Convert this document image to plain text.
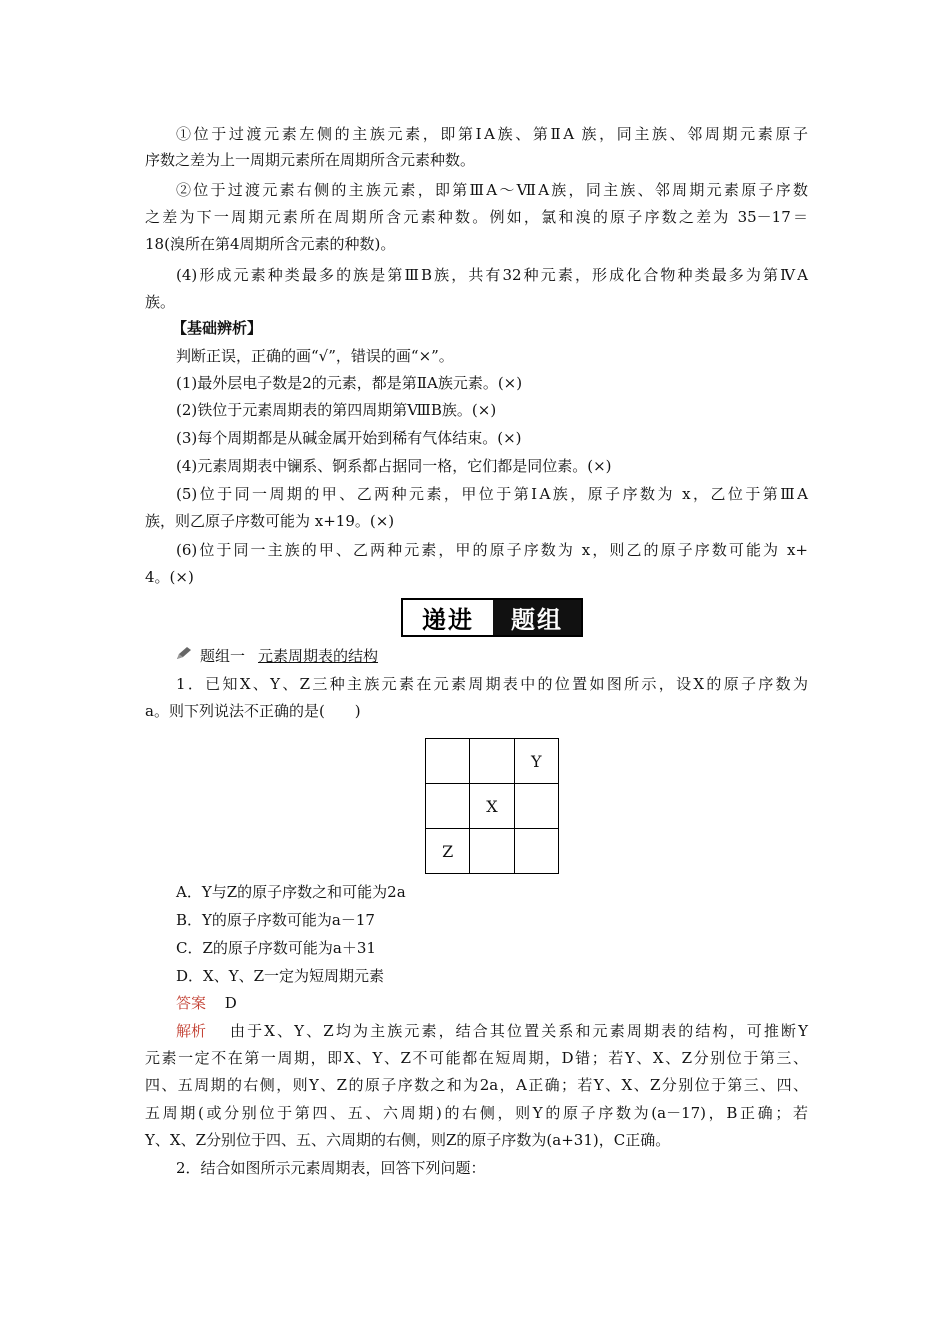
①位于过渡元素左侧的主族元素，即第ⅠA族、第ⅡA 族，同主族、邻周期元素原子
序数之差为上一周期元素所在周期所含元素种数。
②位于过渡元素右侧的主族元素，即第ⅢA～ⅦA族，同主族、邻周期元素原子序数
之差为下一周期元素所在周期所含元素种数。例如，氯和溴的原子序数之差为 35－17＝
18(溴所在第4周期所含元素的种数)。
(4)形成元素种类最多的族是第ⅢB族，共有32种元素，形成化合物种类最多为第ⅣA
族。
【基础辨析】
判断正误，正确的画“√”，错误的画“×”。
(1)最外层电子数是2的元素，都是第ⅡA族元素。(×)
(2)铁位于元素周期表的第四周期第ⅧB族。(×)
(3)每个周期都是从碱金属开始到稀有气体结束。(×)
(4)元素周期表中镧系、锕系都占据同一格，它们都是同位素。(×)
(5)位于同一周期的甲、乙两种元素，甲位于第ⅠA族，原子序数为 x，乙位于第ⅢA
族，则乙原子序数可能为 x+19。(×)
(6)位于同一主族的甲、乙两种元素，甲的原子序数为 x，则乙的原子序数可能为 x+
4。(×)
递进	题组
题组一 元素周期表的结构
1．已知X、Y、Z三种主族元素在元素周期表中的位置如图所示，设X的原子序数为
a。则下列说法不正确的是(　　)
		Y
	X	
Z		
A．Y与Z的原子序数之和可能为2a
B．Y的原子序数可能为a－17
C．Z的原子序数可能为a＋31
D．X、Y、Z一定为短周期元素
答案 D
解析 由于X、Y、Z均为主族元素，结合其位置关系和元素周期表的结构，可推断Y
元素一定不在第一周期，即X、Y、Z不可能都在短周期，D错；若Y、X、Z分别位于第三、
四、五周期的右侧，则Y、Z的原子序数之和为2a，A正确；若Y、X、Z分别位于第三、四、
五周期(或分别位于第四、五、六周期)的右侧，则Y的原子序数为(a－17)，B正确；若
Y、X、Z分别位于四、五、六周期的右侧，则Z的原子序数为(a+31)，C正确。
2．结合如图所示元素周期表，回答下列问题：
